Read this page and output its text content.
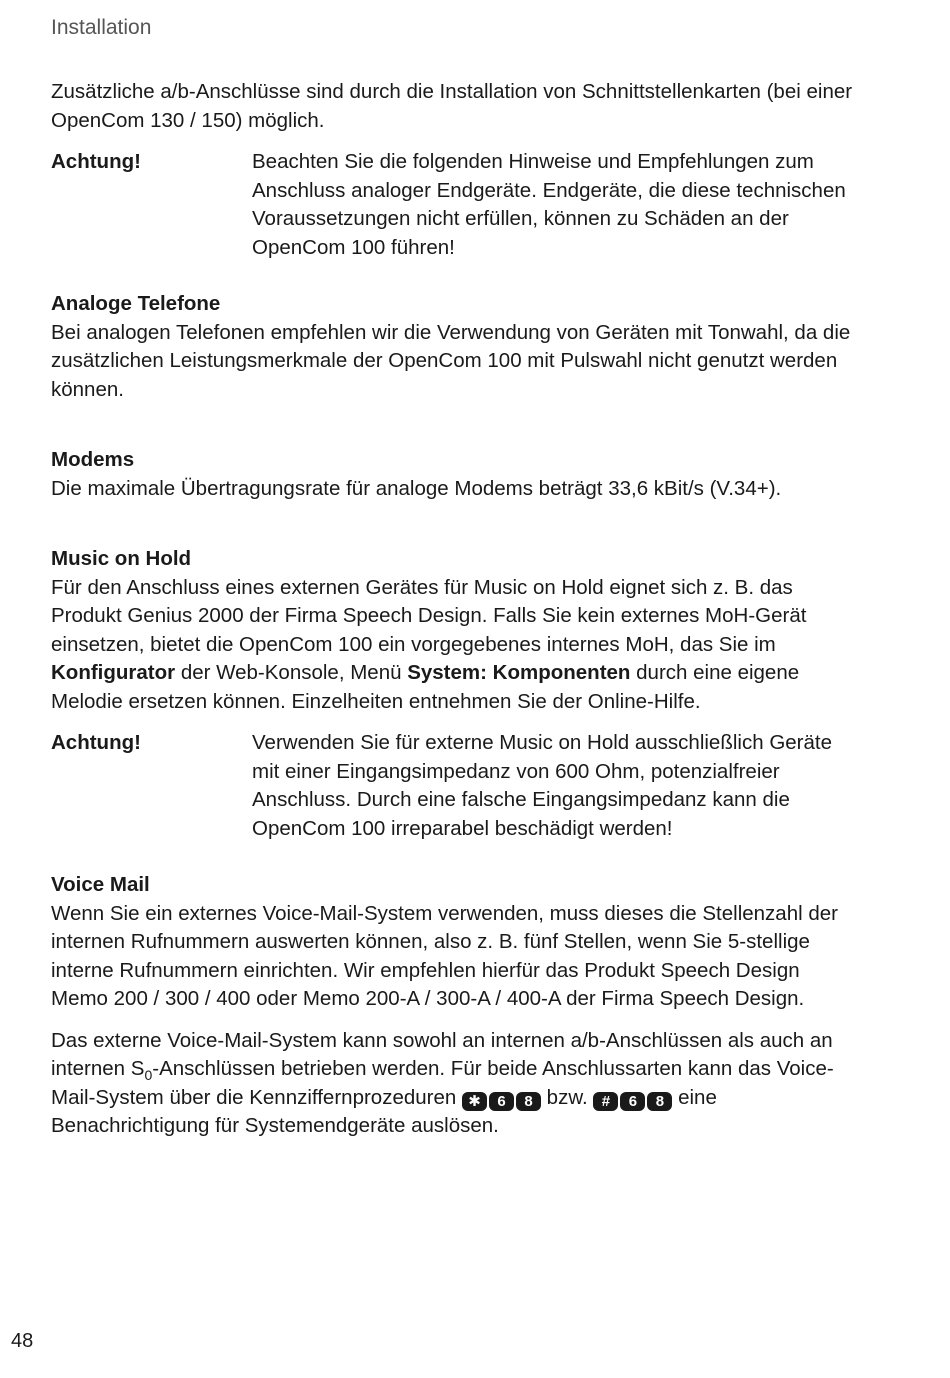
Installation

Zusätzliche a/b-Anschlüsse sind durch die Installation von Schnittstellenkarten (bei einer OpenCom 130 / 150) möglich.

Achtung!	Beachten Sie die folgenden Hinweise und Empfehlungen zum Anschluss analoger Endgeräte. Endgeräte, die diese technischen Voraussetzungen nicht erfüllen, können zu Schäden an der OpenCom 100 führen!
Analoge Telefone

Bei analogen Telefonen empfehlen wir die Verwendung von Geräten mit Tonwahl, da die zusätzlichen Leistungsmerkmale der OpenCom 100 mit Pulswahl nicht genutzt werden können.

Modems

Die maximale Übertragungsrate für analoge Modems beträgt 33,6 kBit/s (V.34+).

Music on Hold

Für den Anschluss eines externen Gerätes für Music on Hold eignet sich z. B. das Produkt Genius 2000 der Firma Speech Design. Falls Sie kein externes MoH-Gerät einsetzen, bietet die OpenCom 100 ein vorgegebenes internes MoH, das Sie im Konfigurator der Web-Konsole, Menü System: Komponenten durch eine eigene Melodie ersetzen können. Einzelheiten entnehmen Sie der Online-Hilfe.

Achtung!	Verwenden Sie für externe Music on Hold ausschließlich Geräte mit einer Eingangsimpedanz von 600 Ohm, potenzialfreier Anschluss. Durch eine falsche Eingangsimpedanz kann die OpenCom 100 irreparabel beschädigt werden!
Voice Mail

Wenn Sie ein externes Voice-Mail-System verwenden, muss dieses die Stellenzahl der internen Rufnummern auswerten können, also z. B. fünf Stellen, wenn Sie 5-stellige interne Rufnummern einrichten. Wir empfehlen hierfür das Produkt Speech Design Memo 200 / 300 / 400 oder Memo 200-A / 300-A / 400-A der Firma Speech Design.

Das externe Voice-Mail-System kann sowohl an internen a/b-Anschlüssen als auch an internen $S_0$-Anschlüssen betrieben werden. Für beide Anschlussarten kann das Voice-Mail-System über die Kennziffernprozeduren ✱ 6 8 bzw. # 6 8 eine Benachrichtigung für Systemendgeräte auslösen.

48
